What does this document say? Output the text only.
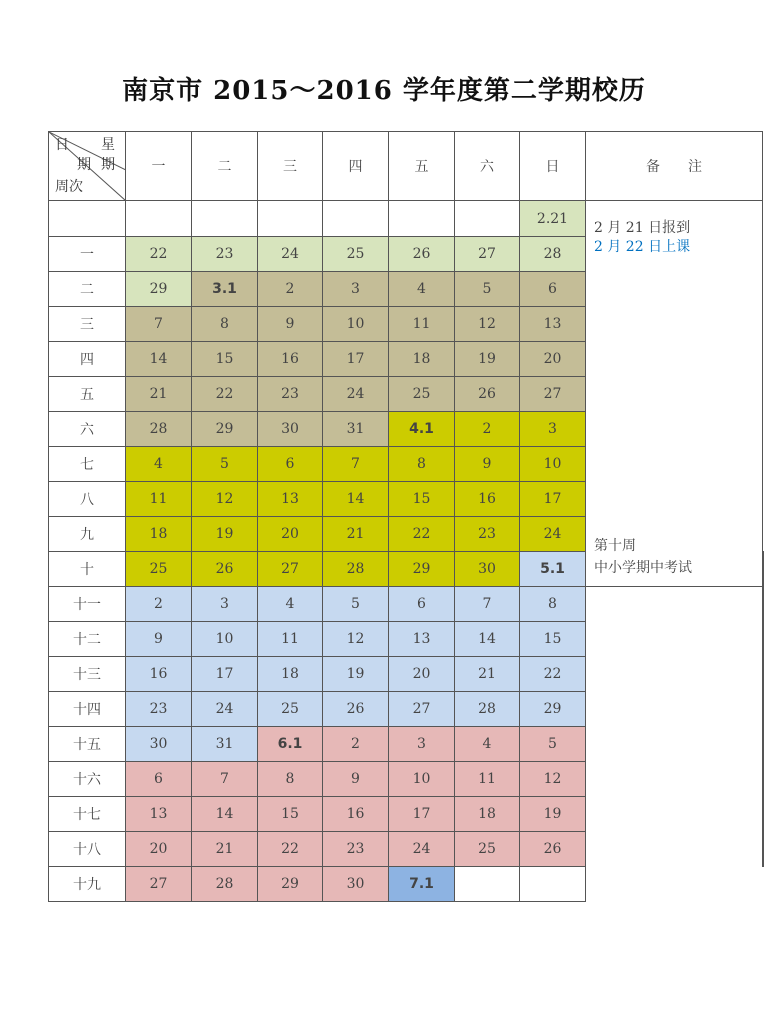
南京市 2015～2016 学年度第二学期校历
日 星
期 期
周次	一	二	三	四	五	六	日	备　　注	
							2.21	2 月 21 日报到
2 月 22 日上课
第十周
中小学期中考试	

一	22	23	24	25	26	27	28		
二	29	3.1	2	3	4	5	6		
三	7	8	9	10	11	12	13		
四	14	15	16	17	18	19	20		
五	21	22	23	24	25	26	27		
六	28	29	30	31	4.1	2	3		
七	4	5	6	7	8	9	10		
八	11	12	13	14	15	16	17		
九	18	19	20	21	22	23	24		
十	25	26	27	28	29	30	5.1	

十一	2	3	4	5	6	7	8		
十二	9	10	11	12	13	14	15		
十三	16	17	18	19	20	21	22		
十四	23	24	25	26	27	28	29		
十五	30	31	6.1	2	3	4	5		
十六	6	7	8	9	10	11	12		
十七	13	14	15	16	17	18	19		
十八	20	21	22	23	24	25	26		
十九	27	28	29	30	7.1				
